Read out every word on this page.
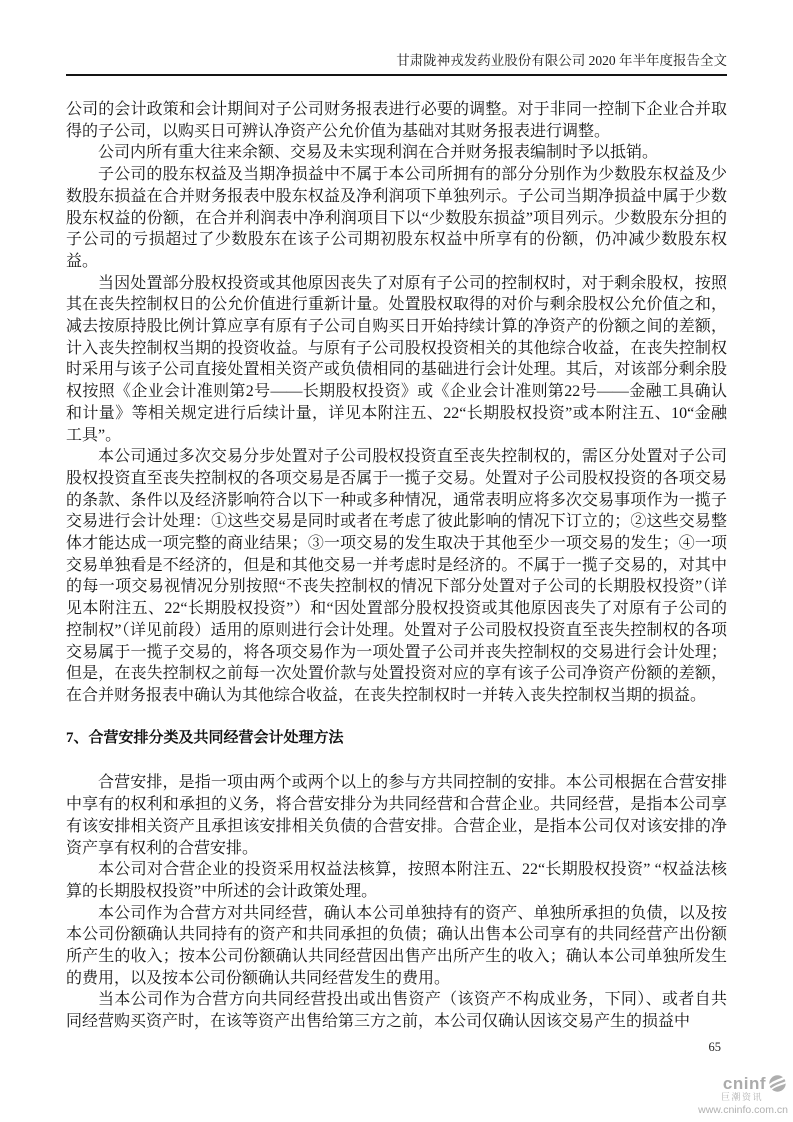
甘肃陇神戎发药业股份有限公司 2020 年半年度报告全文

公司的会计政策和会计期间对子公司财务报表进行必要的调整。对于非同一控制下企业合并取得的子公司，以购买日可辨认净资产公允价值为基础对其财务报表进行调整。

公司内所有重大往来余额、交易及未实现利润在合并财务报表编制时予以抵销。

子公司的股东权益及当期净损益中不属于本公司所拥有的部分分别作为少数股东权益及少数股东损益在合并财务报表中股东权益及净利润项下单独列示。子公司当期净损益中属于少数股东权益的份额，在合并利润表中净利润项目下以“少数股东损益”项目列示。少数股东分担的子公司的亏损超过了少数股东在该子公司期初股东权益中所享有的份额，仍冲减少数股东权益。

当因处置部分股权投资或其他原因丧失了对原有子公司的控制权时，对于剩余股权，按照其在丧失控制权日的公允价值进行重新计量。处置股权取得的对价与剩余股权公允价值之和，减去按原持股比例计算应享有原有子公司自购买日开始持续计算的净资产的份额之间的差额，计入丧失控制权当期的投资收益。与原有子公司股权投资相关的其他综合收益，在丧失控制权时采用与该子公司直接处置相关资产或负债相同的基础进行会计处理。其后，对该部分剩余股权按照《企业会计准则第2号——长期股权投资》或《企业会计准则第22号——金融工具确认和计量》等相关规定进行后续计量，详见本附注五、22“长期股权投资”或本附注五、10“金融工具”。

本公司通过多次交易分步处置对子公司股权投资直至丧失控制权的，需区分处置对子公司股权投资直至丧失控制权的各项交易是否属于一揽子交易。处置对子公司股权投资的各项交易的条款、条件以及经济影响符合以下一种或多种情况，通常表明应将多次交易事项作为一揽子交易进行会计处理：①这些交易是同时或者在考虑了彼此影响的情况下订立的；②这些交易整体才能达成一项完整的商业结果；③一项交易的发生取决于其他至少一项交易的发生；④一项交易单独看是不经济的，但是和其他交易一并考虑时是经济的。不属于一揽子交易的，对其中的每一项交易视情况分别按照“不丧失控制权的情况下部分处置对子公司的长期股权投资”（详见本附注五、22“长期股权投资”）和“因处置部分股权投资或其他原因丧失了对原有子公司的控制权”（详见前段）适用的原则进行会计处理。处置对子公司股权投资直至丧失控制权的各项交易属于一揽子交易的，将各项交易作为一项处置子公司并丧失控制权的交易进行会计处理；但是，在丧失控制权之前每一次处置价款与处置投资对应的享有该子公司净资产份额的差额，在合并财务报表中确认为其他综合收益，在丧失控制权时一并转入丧失控制权当期的损益。

7、合营安排分类及共同经营会计处理方法

合营安排，是指一项由两个或两个以上的参与方共同控制的安排。本公司根据在合营安排中享有的权利和承担的义务，将合营安排分为共同经营和合营企业。共同经营，是指本公司享有该安排相关资产且承担该安排相关负债的合营安排。合营企业，是指本公司仅对该安排的净资产享有权利的合营安排。

本公司对合营企业的投资采用权益法核算，按照本附注五、22“长期股权投资” “权益法核算的长期股权投资”中所述的会计政策处理。

本公司作为合营方对共同经营，确认本公司单独持有的资产、单独所承担的负债，以及按本公司份额确认共同持有的资产和共同承担的负债；确认出售本公司享有的共同经营产出份额所产生的收入；按本公司份额确认共同经营因出售产出所产生的收入；确认本公司单独所发生的费用，以及按本公司份额确认共同经营发生的费用。

当本公司作为合营方向共同经营投出或出售资产（该资产不构成业务，下同）、或者自共同经营购买资产时，在该等资产出售给第三方之前，本公司仅确认因该交易产生的损益中

65
cninf
巨潮资讯
www.cninfo.com.cn
